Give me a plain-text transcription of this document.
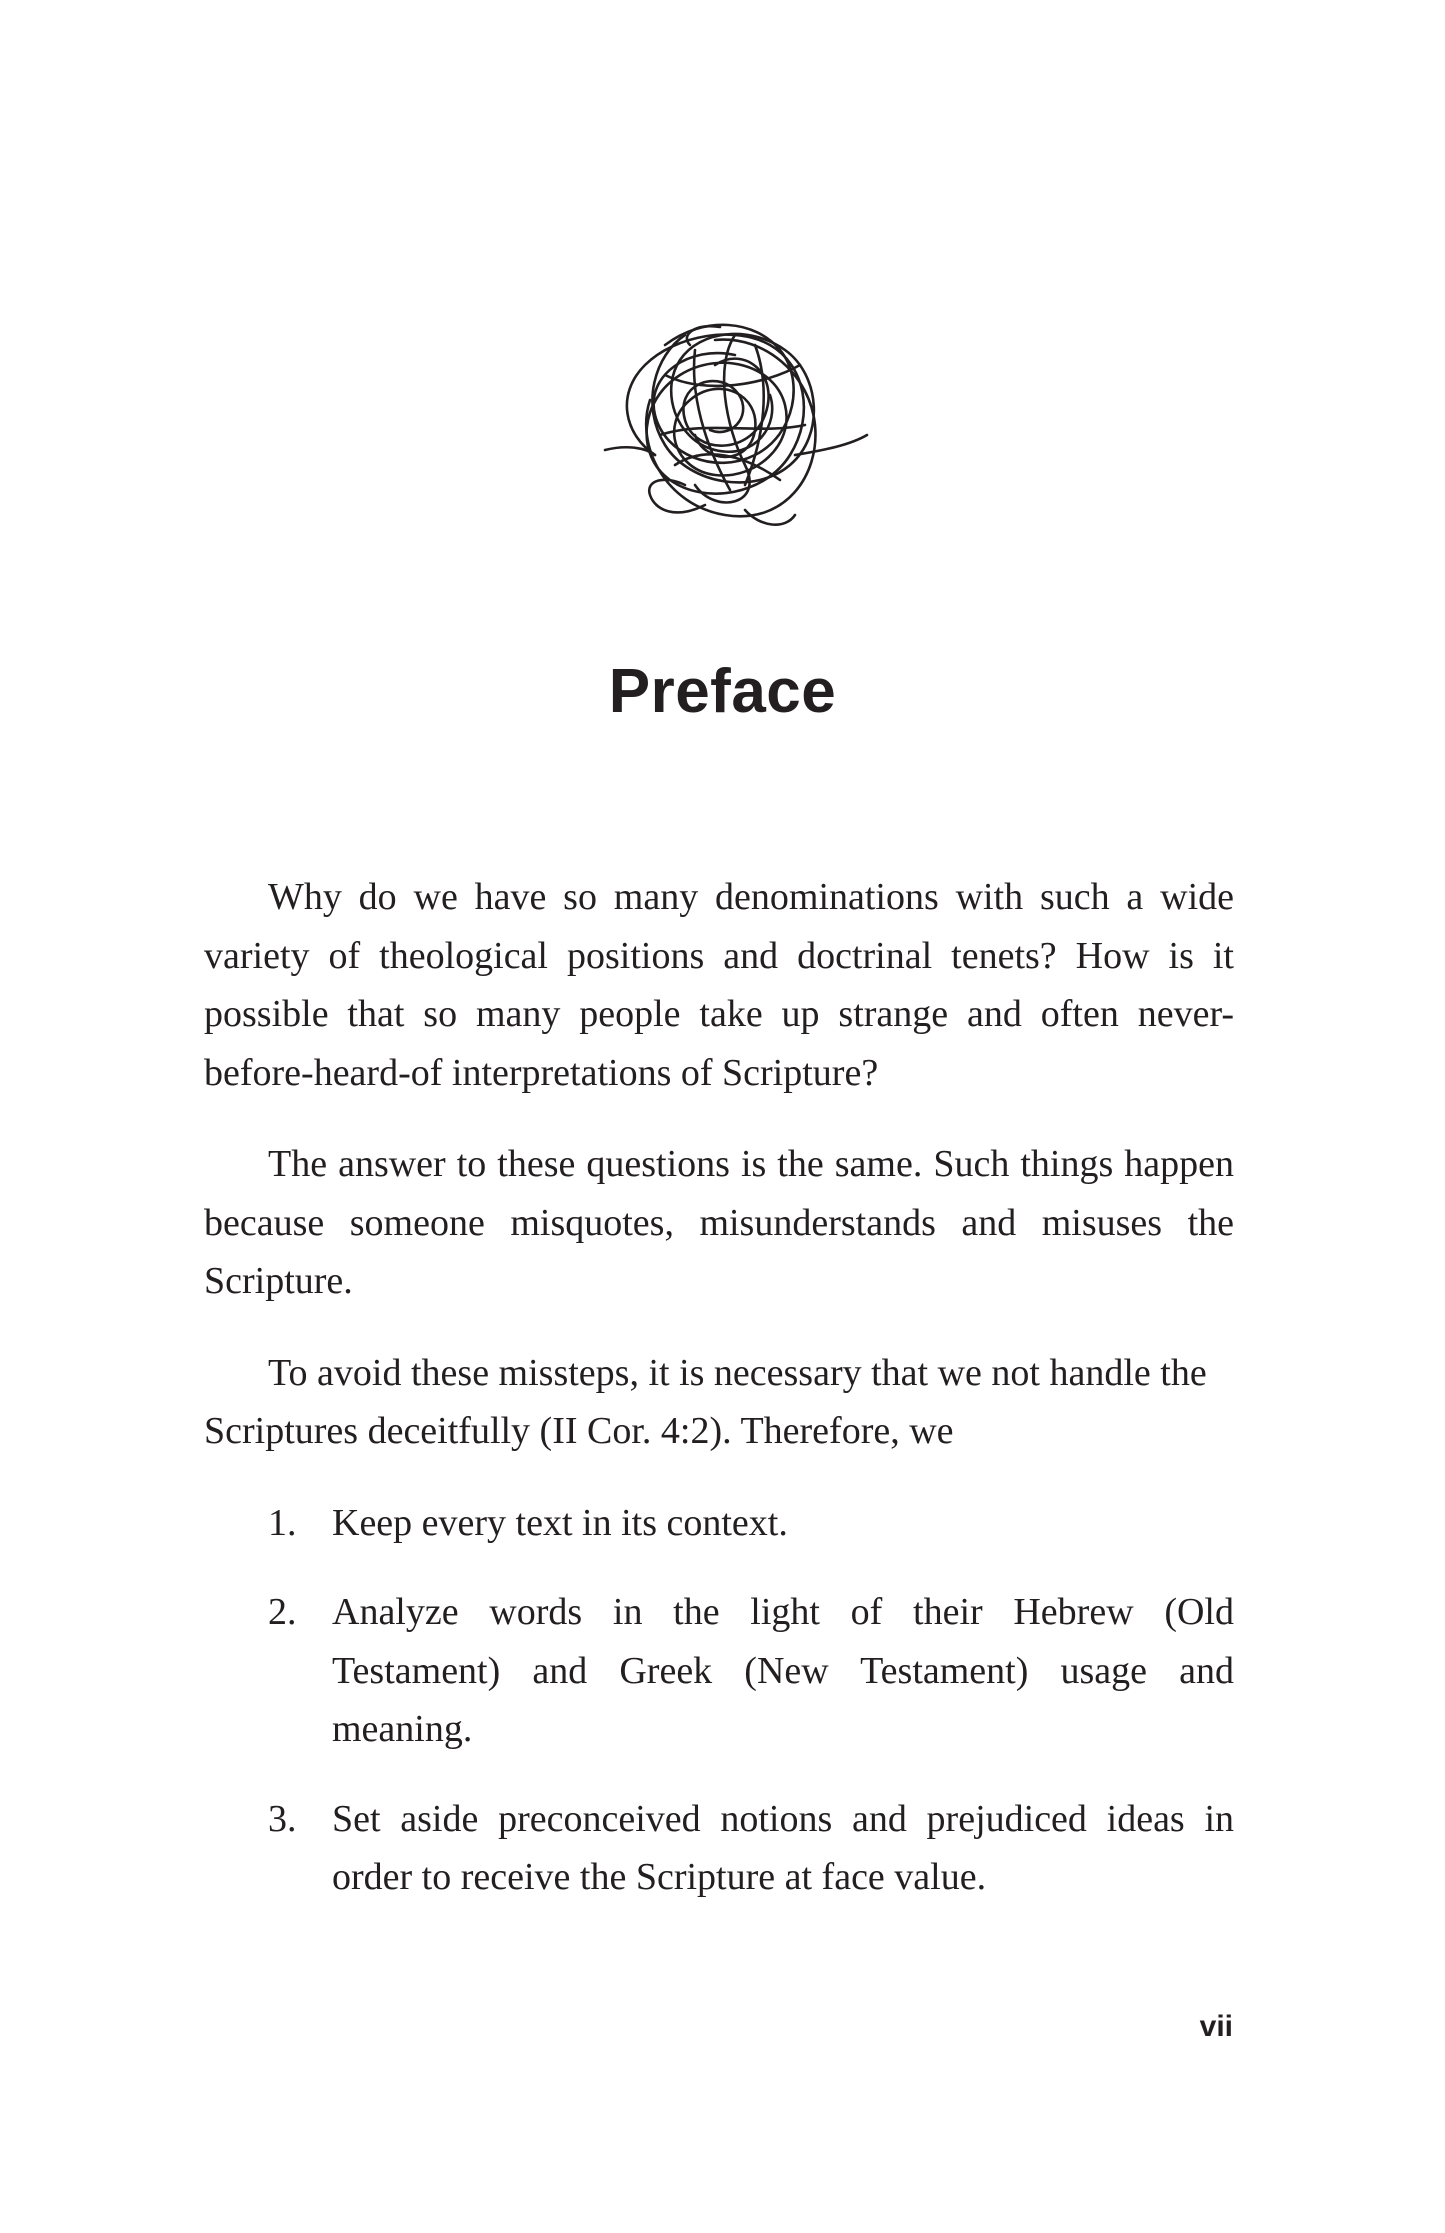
Preface

Why do we have so many denominations with such a wide variety of theological positions and doctrinal tenets? How is it possible that so many people take up strange and often never-before-heard-of interpretations of Scripture?

The answer to these questions is the same. Such things happen because someone misquotes, misunderstands and misuses the Scripture.

To avoid these missteps, it is necessary that we not handle the Scriptures deceitfully (II Cor. 4:2). Therefore, we

1. Keep every text in its context.
2. Analyze words in the light of their Hebrew (Old Testament) and Greek (New Testament) usage and meaning.
3. Set aside preconceived notions and prejudiced ideas in order to receive the Scripture at face value.
vii
